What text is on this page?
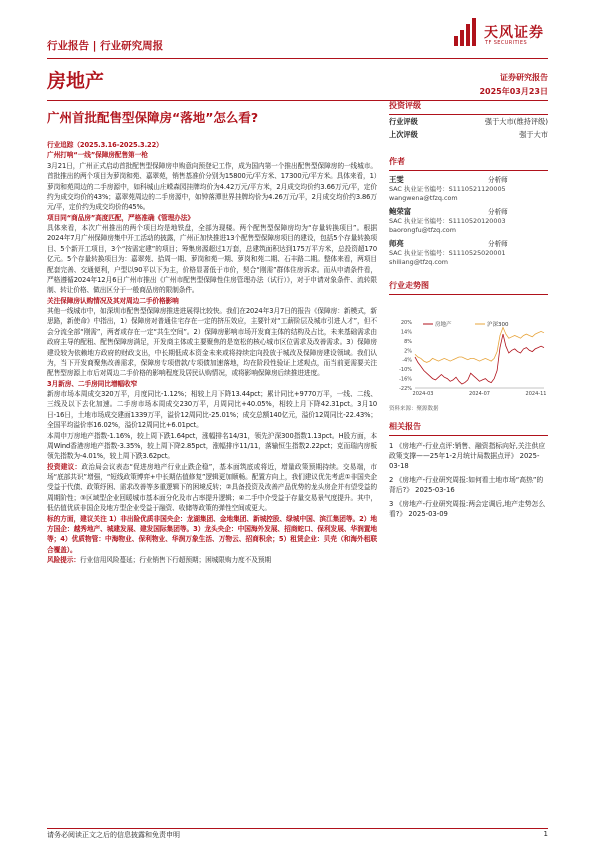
天风证券
TF SECURITIES
行业报告 | 行业研究周报
房地产	证券研究报告
2025年03月23日
广州首批配售型保障房“落地”怎么看?

行业追踪（2025.3.16-2025.3.22）

广州打响“一线”保障房配售第一枪

3月21日，广州正式启动首批配售型保障房申购意向预登记工作，成为国内第一个推出配售型保障房的一线城市。首批推出的两个项目为萝岗和苑、嘉翠苑，销售基准价分别为15800元/平方米、17300元/平方米。具体来看，1）萝岗和苑周边的二手房源中，如科城山庄嵘森园挂牌均价为4.42万元/平方米，2月成交均价约3.66万元/平，定价约为成交均价的43%；嘉翠苑周边的二手房源中，如钟落潭世界挂牌均价为4.26万元/平，2月成交均价约3.86万元/平，定价约为成交均价的45%。

项目同“商品房”高度匹配，严格准确《管理办法》

具体来看，本次广州推出的两个项目均是地铁盘，全部为现楼。两个配售型保障房均为“存量转换项目”。根据2024年7月广州保障房集中开工活动的披露，广州正加快推进13个配售型保障房项目的建设，包括5个存量转换项目、5个新开工项目，3个“按需定建”的项目；筹集房源超过1万套，总建筑面积达到175万平方米，总投资超170亿元。5个存量转换项目为：嘉翠苑、拾周一期、萝岗和苑一期、萝岗和苑二期、石丰路二期。整体来看，两项目配套完善、交通便利，户型以90平以下为主，价格显著低于市价，契合“刚需”群体住房诉求。而从申请条件看，严格遵循2024年12月6日广州市推出《广州市配售型保障性住房管理办法（试行）》，对于申请对象条件、流转限制、转让价格、做出区分于一般商品房的限制条件。

关注保障房认购情况及其对周边二手价格影响

其他一线城市中，如深圳市配售型保障房推进进展得比较快。我们在2024年3月7日的报告《保障房：新模式，新思路，新使命》中指出，1）保障房对普通住宅存在一定的挤压效应，主要针对“工薪阶层及城市引进人才”，但不会分流全部“刚需”，两者或存在一定“共生空间”。2）保障房影响市场开发商主体的结构及占比，未来基础需求由政府主导的配租、配售保障房满足，开发商主体或主要聚焦的是宽松的核心城市区位需求及改善需求。3）保障房建设较为依赖地方政府的财政支出，中长期低成本资金未来或将持续定向投放于城改及保障房建设领域。我们认为，当下开发商聚焦改善需求，保障房专项借款/专项债加速落地，均在阶段性验证上述观点，而当前更需要关注配售型房源上市后对周边二手价格的影响程度及居民认购情况，或将影响保障房后续推进进度。

3月新房、二手房同比增幅收窄

新房市场本周成交320万平，月度同比-1.12%；相较上月下降13.44pct；累计同比+9770万平，一线、二线、三线及以下去化加速。二手房市场本周成交230万平，月周同比+40.05%，相较上月下降42.31pct。3月10日-16日，土地市场成交建面1339万平，溢价12周同比-25.01%；成交总额140亿元，溢价12周同比-22.43%；全国平均溢价率16.02%，溢价12周同比+6.01pct。

本周申万房地产指数-1.16%，较上周下跌1.64pct，涨幅排名14/31，领先沪深300指数1.13pct。H股方面，本周Wind香港房地产指数-3.35%，较上周下降2.85pct，涨幅排序11/11，落输恒生指数2.22pct；克而瑞内房板领先指数为-4.01%，较上周下跌3.62pct。

投资建议：政治局会议表态“促进房地产行业止跌企稳”，基本面筑底或将近，增量政策预期持续。交易端，市场“底部共识”增强，“短线政策博弈+中长期估值修复”逻辑更加顺畅。配置方向上，我们建议优先考虑①非国央企受益于代债、政策纾困、需求改善等多重逻辑下的困境反转；②具备投资及改善产品优势的龙头房企并有望受益的周期阶性；③区域型企业回暖城市基本面分化及市占率提升逻辑；④二手中介受益于存量交易景气度提升。其中，低估值优质非国企及地方型企业受益于融资、收储等政策的弹性空间或更大。

标的方面，建议关注 1）非出险优质非国央企：龙湖集团、金地集团、新城控股、绿城中国、滨江集团等。2）地方国企：越秀地产、城建发展、建发国际集团等。3）龙头央企：中国海外发展、招商蛇口、保利发展、华润置地等；4）优质物管：中海物业、保利物业、华润万象生活、万物云、招商积余；5）租赁企业：贝壳（和海外租联合覆盖）。

风险提示：行业信用风险蔓延；行业销售下行超预期；困城限购力度不及预期

投资评级
行业评级	强于大市(维持评级)
上次评级	强于大市
作者
王雯	分析师
SAC 执业证书编号：S1110521120005
wangwena@tfzq.com
鲍荣富	分析师
SAC 执业证书编号：S1110520120003
baorongfu@tfzq.com
师亮	分析师
SAC 执业证书编号：S1110525020001
shiliang@tfzq.com
行业走势图
20%
14%
8%
2%
-4%
-10%
-16%
-22%
2024-03	2024-07	2024-11
房地产	沪深300
资料来源：聚源数据
相关报告
1 《房地产-行业点评:销售、融资指标向好,关注供应政策支撑——25年1-2月统计局数据点评》 2025-03-18
2 《房地产-行业研究周报:如何看土地市场“高热”的背后?》 2025-03-16
3 《房地产-行业研究周报:两会定调后,地产走势怎么看?》 2025-03-09
请务必阅读正文之后的信息披露和免责申明	1
